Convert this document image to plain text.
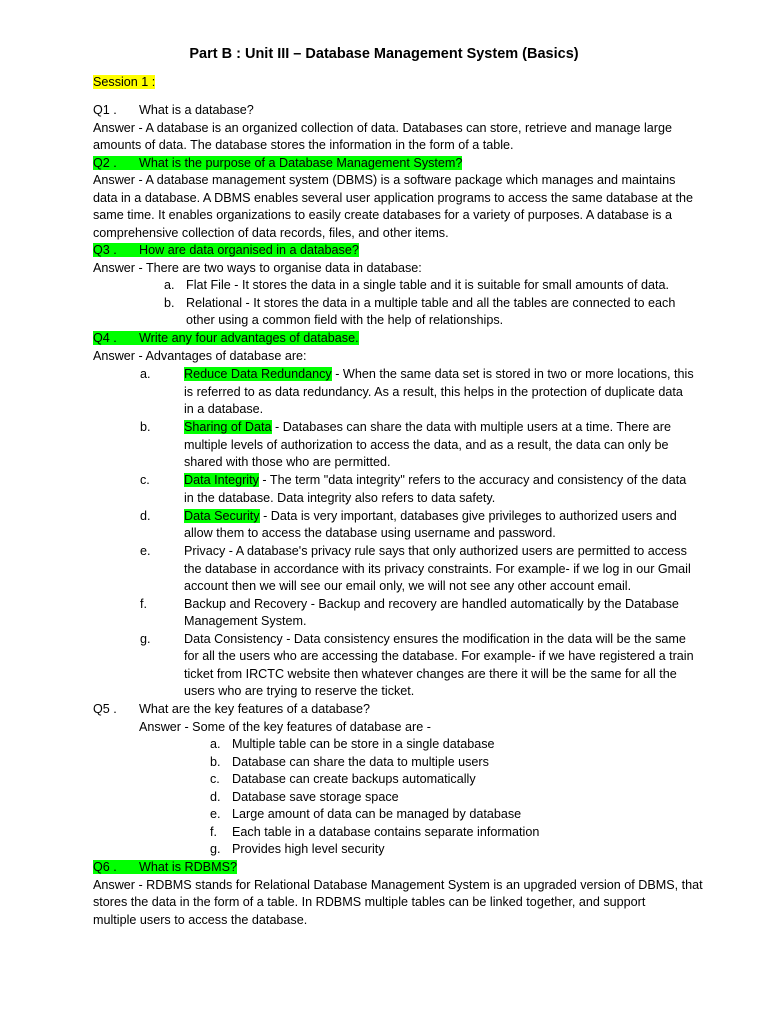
Part B : Unit III – Database Management System (Basics)
Session 1 :
Q1 . What is a database?
Answer - A database is an organized collection of data. Databases can store, retrieve and manage large
amounts of data. The database stores the information in the form of a table.
Q2 . What is the purpose of a Database Management System?
Answer - A database management system (DBMS) is a software package which manages and maintains
data in a database. A DBMS enables several user application programs to access the same database at the
same time. It enables organizations to easily create databases for a variety of purposes. A database is a
comprehensive collection of data records, files, and other items.
Q3 . How are data organised in a database?
Answer - There are two ways to organise data in database:
a. Flat File - It stores the data in a single table and it is suitable for small amounts of data.
b. Relational - It stores the data in a multiple table and all the tables are connected to each
other using a common field with the help of relationships.
Q4 . Write any four advantages of database.
Answer - Advantages of database are:
a.	Reduce Data Redundancy - When the same data set is stored in two or more locations, this
is referred to as data redundancy. As a result, this helps in the protection of duplicate data
in a database.
b.	Sharing of Data - Databases can share the data with multiple users at a time. There are
multiple levels of authorization to access the data, and as a result, the data can only be
shared with those who are permitted.
c.	Data Integrity - The term "data integrity" refers to the accuracy and consistency of the data
in the database. Data integrity also refers to data safety.
d.	Data Security - Data is very important, databases give privileges to authorized users and
allow them to access the database using username and password.
e.	Privacy - A database's privacy rule says that only authorized users are permitted to access
the database in accordance with its privacy constraints. For example- if we log in our Gmail
account then we will see our email only, we will not see any other account email.
f.	Backup and Recovery - Backup and recovery are handled automatically by the Database
Management System.
g.	Data Consistency - Data consistency ensures the modification in the data will be the same
for all the users who are accessing the database. For example- if we have registered a train
ticket from IRCTC website then whatever changes are there it will be the same for all the
users who are trying to reserve the ticket.
Q5 . What are the key features of a database?
Answer - Some of the key features of database are -
a. Multiple table can be store in a single database
b. Database can share the data to multiple users
c. Database can create backups automatically
d. Database save storage space
e. Large amount of data can be managed by database
f. Each table in a database contains separate information
g. Provides high level security
Q6 . What is RDBMS?
Answer - RDBMS stands for Relational Database Management System is an upgraded version of DBMS, that
stores the data in the form of a table. In RDBMS multiple tables can be linked together, and support
multiple users to access the database.
